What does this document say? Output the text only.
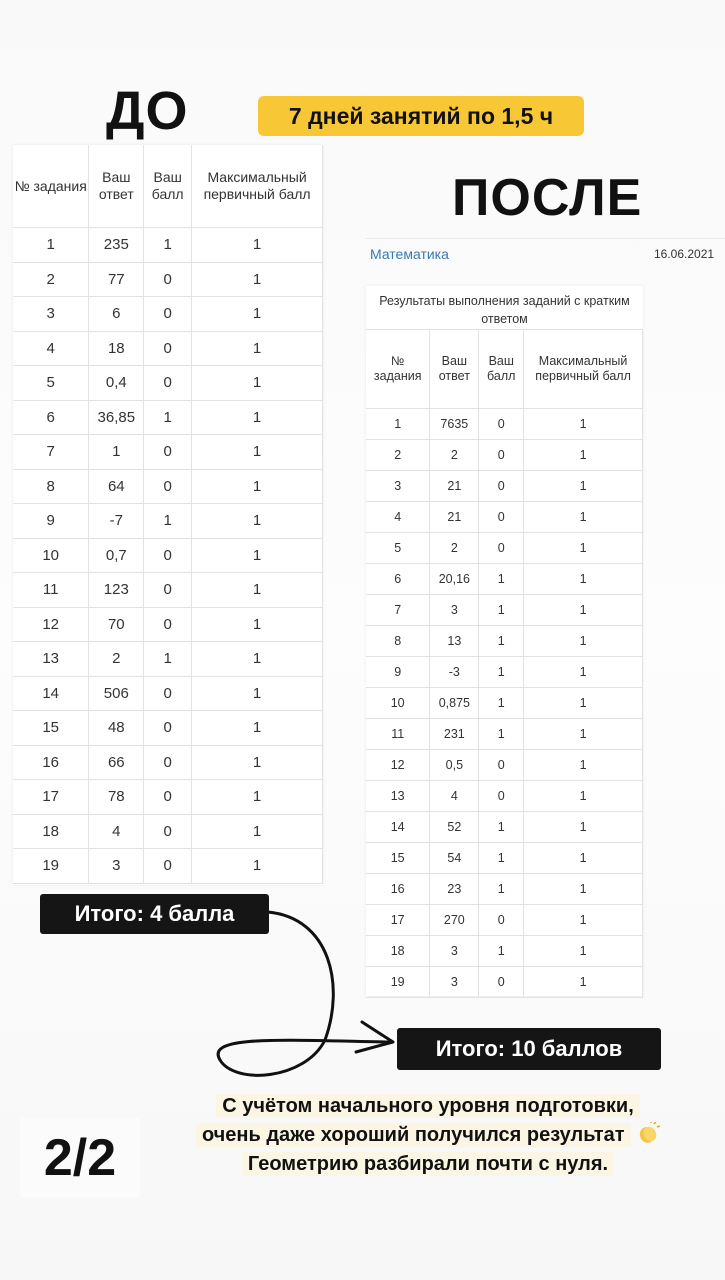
ДО	7 дней занятий по 1,5 ч
ПОСЛЕ
№ задания	Ваш ответ	Ваш балл	Максимальный первичный балл
1	235	1	1
2	77	0	1
3	6	0	1
4	18	0	1
5	0,4	0	1
6	36,85	1	1
7	1	0	1
8	64	0	1
9	-7	1	1
10	0,7	0	1
11	123	0	1
12	70	0	1
13	2	1	1
14	506	0	1
15	48	0	1
16	66	0	1
17	78	0	1
18	4	0	1
19	3	0	1
Математика	16.06.2021
Результаты выполнения заданий с кратким ответом
№ задания	Ваш ответ	Ваш балл	Максимальный первичный балл
1	7635	0	1
2	2	0	1
3	21	0	1
4	21	0	1
5	2	0	1
6	20,16	1	1
7	3	1	1
8	13	1	1
9	-3	1	1
10	0,875	1	1
11	231	1	1
12	0,5	0	1
13	4	0	1
14	52	1	1
15	54	1	1
16	23	1	1
17	270	0	1
18	3	1	1
19	3	0	1
Итого: 4 балла
Итого: 10 баллов
2/2
С учётом начального уровня подготовки,
очень даже хороший получился результат
Геометрию разбирали почти с нуля.
